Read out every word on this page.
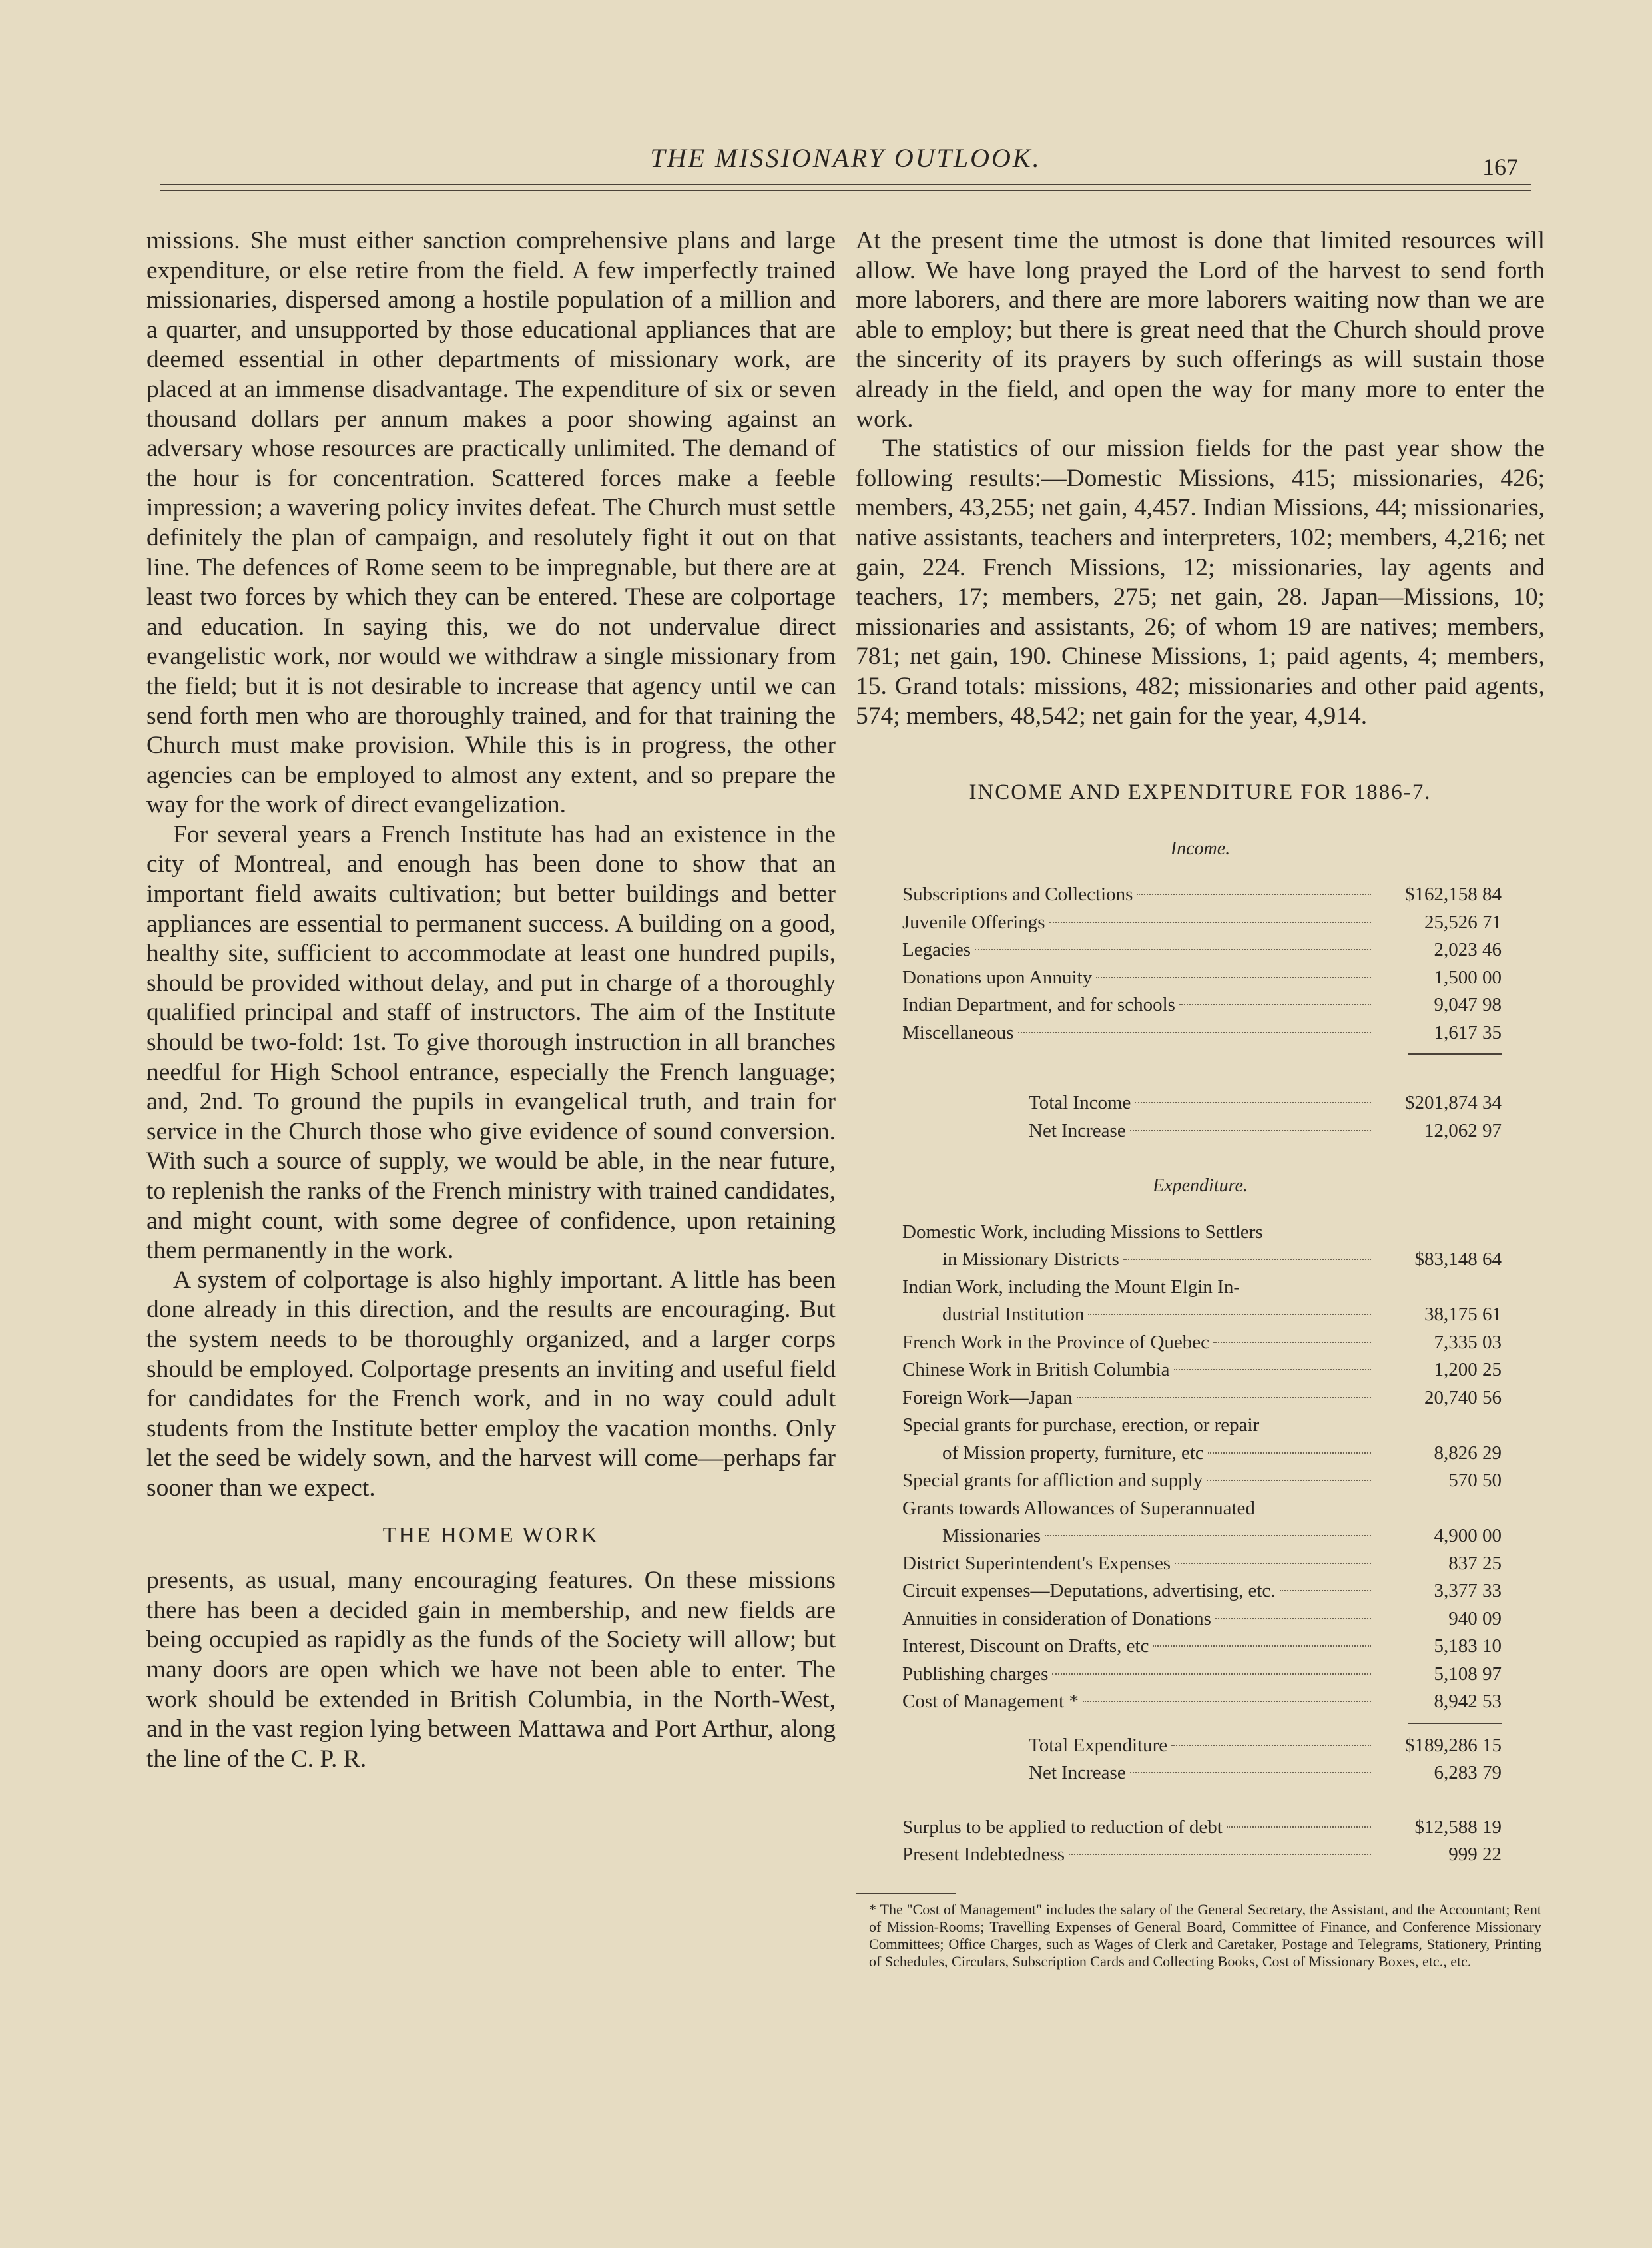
THE MISSIONARY OUTLOOK.	167

missions. She must either sanction comprehensive plans and large expenditure, or else retire from the field. A few imperfectly trained missionaries, dispersed among a hostile population of a million and a quarter, and unsupported by those educational appliances that are deemed essential in other departments of missionary work, are placed at an immense disadvantage. The expenditure of six or seven thousand dollars per annum makes a poor showing against an adversary whose resources are practically unlimited. The demand of the hour is for concentration. Scattered forces make a feeble impression; a wavering policy invites defeat. The Church must settle definitely the plan of campaign, and resolutely fight it out on that line. The defences of Rome seem to be impregnable, but there are at least two forces by which they can be entered. These are colportage and education. In saying this, we do not undervalue direct evangelistic work, nor would we withdraw a single missionary from the field; but it is not desirable to increase that agency until we can send forth men who are thoroughly trained, and for that training the Church must make provision. While this is in progress, the other agencies can be employed to almost any extent, and so prepare the way for the work of direct evangelization.

For several years a French Institute has had an existence in the city of Montreal, and enough has been done to show that an important field awaits cultivation; but better buildings and better appliances are essential to permanent success. A building on a good, healthy site, sufficient to accommodate at least one hundred pupils, should be provided without delay, and put in charge of a thoroughly qualified principal and staff of instructors. The aim of the Institute should be two-fold: 1st. To give thorough instruction in all branches needful for High School entrance, especially the French language; and, 2nd. To ground the pupils in evangelical truth, and train for service in the Church those who give evidence of sound conversion. With such a source of supply, we would be able, in the near future, to replenish the ranks of the French ministry with trained candidates, and might count, with some degree of confidence, upon retaining them permanently in the work.

A system of colportage is also highly important. A little has been done already in this direction, and the results are encouraging. But the system needs to be thoroughly organized, and a larger corps should be employed. Colportage presents an inviting and useful field for candidates for the French work, and in no way could adult students from the Institute better employ the vacation months. Only let the seed be widely sown, and the harvest will come—perhaps far sooner than we expect.

THE HOME WORK

presents, as usual, many encouraging features. On these missions there has been a decided gain in membership, and new fields are being occupied as rapidly as the funds of the Society will allow; but many doors are open which we have not been able to enter. The work should be extended in British Columbia, in the North-West, and in the vast region lying between Mattawa and Port Arthur, along the line of the C. P. R.

At the present time the utmost is done that limited resources will allow. We have long prayed the Lord of the harvest to send forth more laborers, and there are more laborers waiting now than we are able to employ; but there is great need that the Church should prove the sincerity of its prayers by such offerings as will sustain those already in the field, and open the way for many more to enter the work.

The statistics of our mission fields for the past year show the following results:—Domestic Missions, 415; missionaries, 426; members, 43,255; net gain, 4,457. Indian Missions, 44; missionaries, native assistants, teachers and interpreters, 102; members, 4,216; net gain, 224. French Missions, 12; missionaries, lay agents and teachers, 17; members, 275; net gain, 28. Japan—Missions, 10; missionaries and assistants, 26; of whom 19 are natives; members, 781; net gain, 190. Chinese Missions, 1; paid agents, 4; members, 15. Grand totals: missions, 482; missionaries and other paid agents, 574; members, 48,542; net gain for the year, 4,914.

INCOME AND EXPENDITURE FOR 1886-7.
Income.
Subscriptions and Collections	$162,158 84
Juvenile Offerings	25,526 71
Legacies	2,023 46
Donations upon Annuity	1,500 00
Indian Department, and for schools	9,047 98
Miscellaneous	1,617 35
Total Income	$201,874 34
Net Increase	12,062 97
Expenditure.
Domestic Work, including Missions to Settlers
in Missionary Districts	$83,148 64
Indian Work, including the Mount Elgin In-
dustrial Institution	38,175 61
French Work in the Province of Quebec	7,335 03
Chinese Work in British Columbia	1,200 25
Foreign Work—Japan	20,740 56
Special grants for purchase, erection, or repair
of Mission property, furniture, etc	8,826 29
Special grants for affliction and supply	570 50
Grants towards Allowances of Superannuated
Missionaries	4,900 00
District Superintendent's Expenses	837 25
Circuit expenses—Deputations, advertising, etc.	3,377 33
Annuities in consideration of Donations	940 09
Interest, Discount on Drafts, etc	5,183 10
Publishing charges	5,108 97
Cost of Management *	8,942 53
Total Expenditure	$189,286 15
Net Increase	6,283 79
Surplus to be applied to reduction of debt	$12,588 19
Present Indebtedness	999 22
* The "Cost of Management" includes the salary of the General Secretary, the Assistant, and the Accountant; Rent of Mission-Rooms; Travelling Expenses of General Board, Committee of Finance, and Conference Missionary Committees; Office Charges, such as Wages of Clerk and Caretaker, Postage and Telegrams, Stationery, Printing of Schedules, Circulars, Subscription Cards and Collecting Books, Cost of Missionary Boxes, etc., etc.
